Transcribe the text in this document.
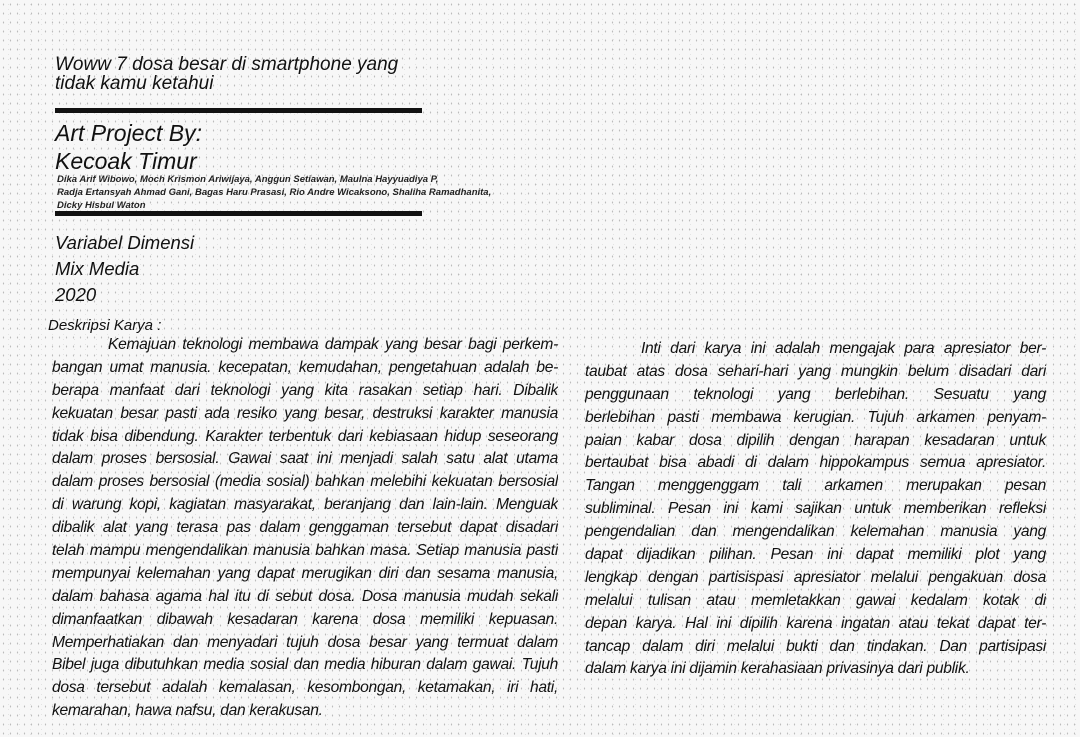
Woww 7 dosa besar di smartphone yang
tidak kamu ketahui
Art Project By:
Kecoak Timur
Dika Arif Wibowo, Moch Krismon Ariwijaya, Anggun Setiawan, Maulna Hayyuadiya P,
Radja Ertansyah Ahmad Gani, Bagas Haru Prasasi, Rio Andre Wicaksono, Shaliha Ramadhanita,
Dicky Hisbul Waton
Variabel Dimensi
Mix Media
2020
Deskripsi Karya :
Kemajuan teknologi membawa dampak yang besar bagi perkem-
bangan umat manusia. kecepatan, kemudahan, pengetahuan adalah be-
berapa manfaat dari teknologi yang kita rasakan setiap hari. Dibalik
kekuatan besar pasti ada resiko yang besar, destruksi karakter manusia
tidak bisa dibendung. Karakter terbentuk dari kebiasaan hidup seseorang
dalam proses bersosial. Gawai saat ini menjadi salah satu alat utama
dalam proses bersosial (media sosial) bahkan melebihi kekuatan bersosial
di warung kopi, kagiatan masyarakat, beranjang dan lain-lain. Menguak
dibalik alat yang terasa pas dalam genggaman tersebut dapat disadari
telah mampu mengendalikan manusia bahkan masa. Setiap manusia pasti
mempunyai kelemahan yang dapat merugikan diri dan sesama manusia,
dalam bahasa agama hal itu di sebut dosa. Dosa manusia mudah sekali
dimanfaatkan dibawah kesadaran karena dosa memiliki kepuasan.
Memperhatiakan dan menyadari tujuh dosa besar yang termuat dalam
Bibel juga dibutuhkan media sosial dan media hiburan dalam gawai. Tujuh
dosa tersebut adalah kemalasan, kesombongan, ketamakan, iri hati,
kemarahan, hawa nafsu, dan kerakusan.
Inti dari karya ini adalah mengajak para apresiator ber-
taubat atas dosa sehari-hari yang mungkin belum disadari dari
penggunaan teknologi yang berlebihan. Sesuatu yang
berlebihan pasti membawa kerugian. Tujuh arkamen penyam-
paian kabar dosa dipilih dengan harapan kesadaran untuk
bertaubat bisa abadi di dalam hippokampus semua apresiator.
Tangan menggenggam tali arkamen merupakan pesan
subliminal. Pesan ini kami sajikan untuk memberikan refleksi
pengendalian dan mengendalikan kelemahan manusia yang
dapat dijadikan pilihan. Pesan ini dapat memiliki plot yang
lengkap dengan partisispasi apresiator melalui pengakuan dosa
melalui tulisan atau memletakkan gawai kedalam kotak di
depan karya. Hal ini dipilih karena ingatan atau tekat dapat ter-
tancap dalam diri melalui bukti dan tindakan. Dan partisipasi
dalam karya ini dijamin kerahasiaan privasinya dari publik.
